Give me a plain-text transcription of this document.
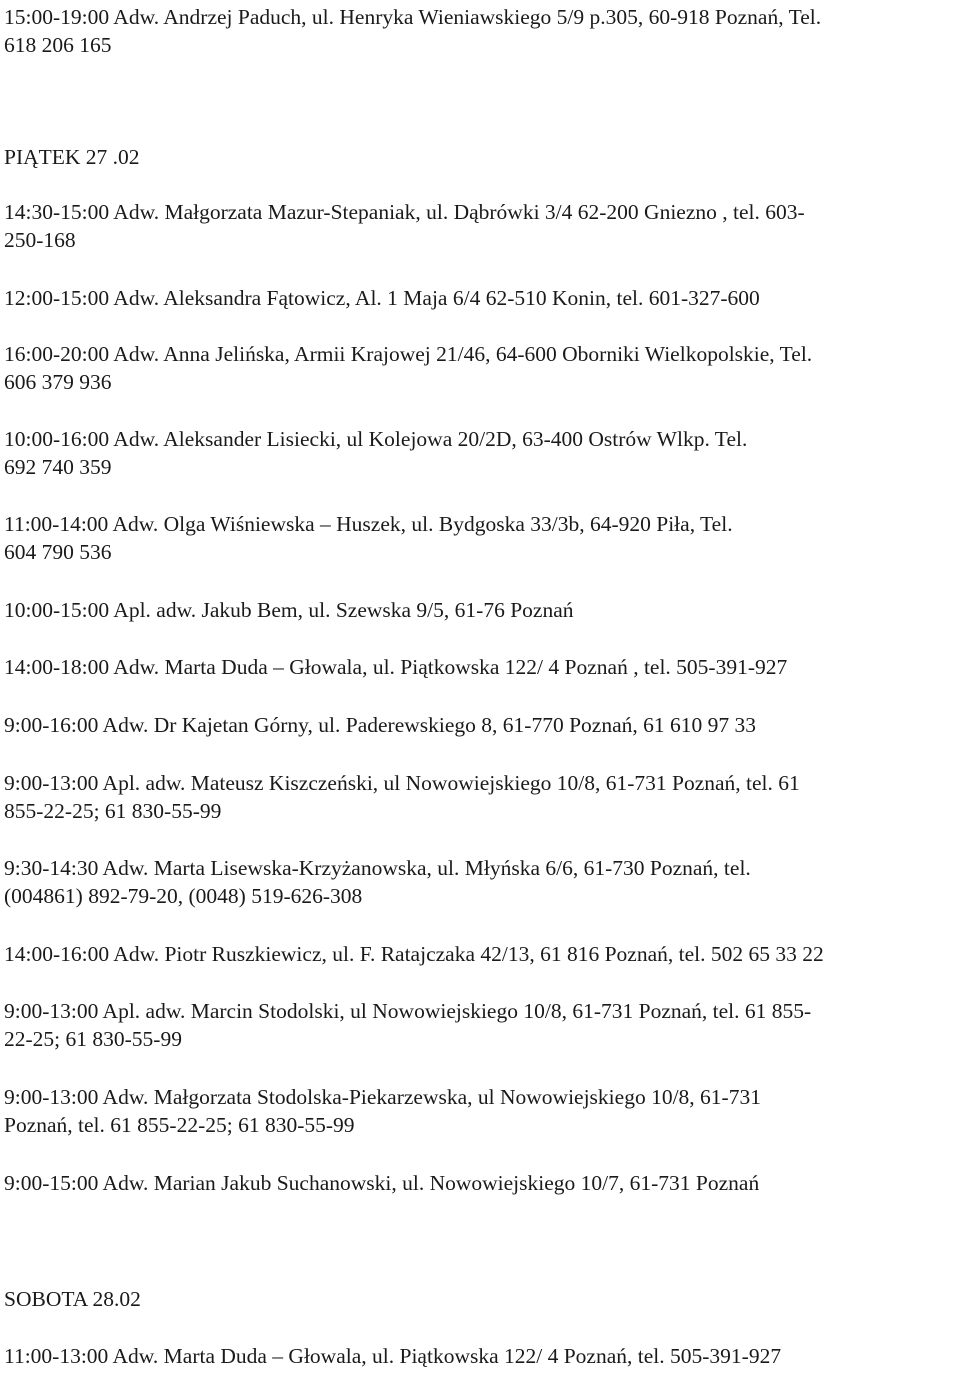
15:00-19:00 Adw. Andrzej Paduch, ul. Henryka Wieniawskiego 5/9 p.305, 60-918 Poznań, Tel.
618 206 165
PIĄTEK 27 .02
14:30-15:00 Adw. Małgorzata Mazur-Stepaniak, ul. Dąbrówki 3/4 62-200 Gniezno , tel. 603-
250-168
12:00-15:00 Adw. Aleksandra Fątowicz, Al. 1 Maja 6/4 62-510 Konin, tel. 601-327-600
16:00-20:00 Adw. Anna Jelińska, Armii Krajowej 21/46, 64-600 Oborniki Wielkopolskie, Tel.
606 379 936
10:00-16:00 Adw. Aleksander Lisiecki, ul Kolejowa 20/2D, 63-400 Ostrów Wlkp. Tel.
692 740 359
11:00-14:00 Adw. Olga Wiśniewska – Huszek, ul. Bydgoska 33/3b, 64-920 Piła, Tel.
604 790 536
10:00-15:00 Apl. adw. Jakub Bem, ul. Szewska 9/5, 61-76 Poznań
14:00-18:00 Adw. Marta Duda – Głowala, ul. Piątkowska 122/ 4 Poznań , tel. 505-391-927
9:00-16:00 Adw. Dr Kajetan Górny, ul. Paderewskiego 8, 61-770 Poznań, 61 610 97 33
9:00-13:00 Apl. adw. Mateusz Kiszczeński, ul Nowowiejskiego 10/8, 61-731 Poznań, tel. 61
855-22-25; 61 830-55-99
9:30-14:30 Adw. Marta Lisewska-Krzyżanowska, ul. Młyńska 6/6, 61-730 Poznań, tel.
(004861) 892-79-20, (0048) 519-626-308
14:00-16:00 Adw. Piotr Ruszkiewicz, ul. F. Ratajczaka 42/13, 61 816 Poznań, tel. 502 65 33 22
9:00-13:00 Apl. adw. Marcin Stodolski, ul Nowowiejskiego 10/8, 61-731 Poznań, tel. 61 855-
22-25; 61 830-55-99
9:00-13:00 Adw. Małgorzata Stodolska-Piekarzewska, ul Nowowiejskiego 10/8, 61-731
Poznań, tel. 61 855-22-25; 61 830-55-99
9:00-15:00 Adw. Marian Jakub Suchanowski, ul. Nowowiejskiego 10/7, 61-731 Poznań
SOBOTA 28.02
11:00-13:00 Adw. Marta Duda – Głowala, ul. Piątkowska 122/ 4 Poznań, tel. 505-391-927
